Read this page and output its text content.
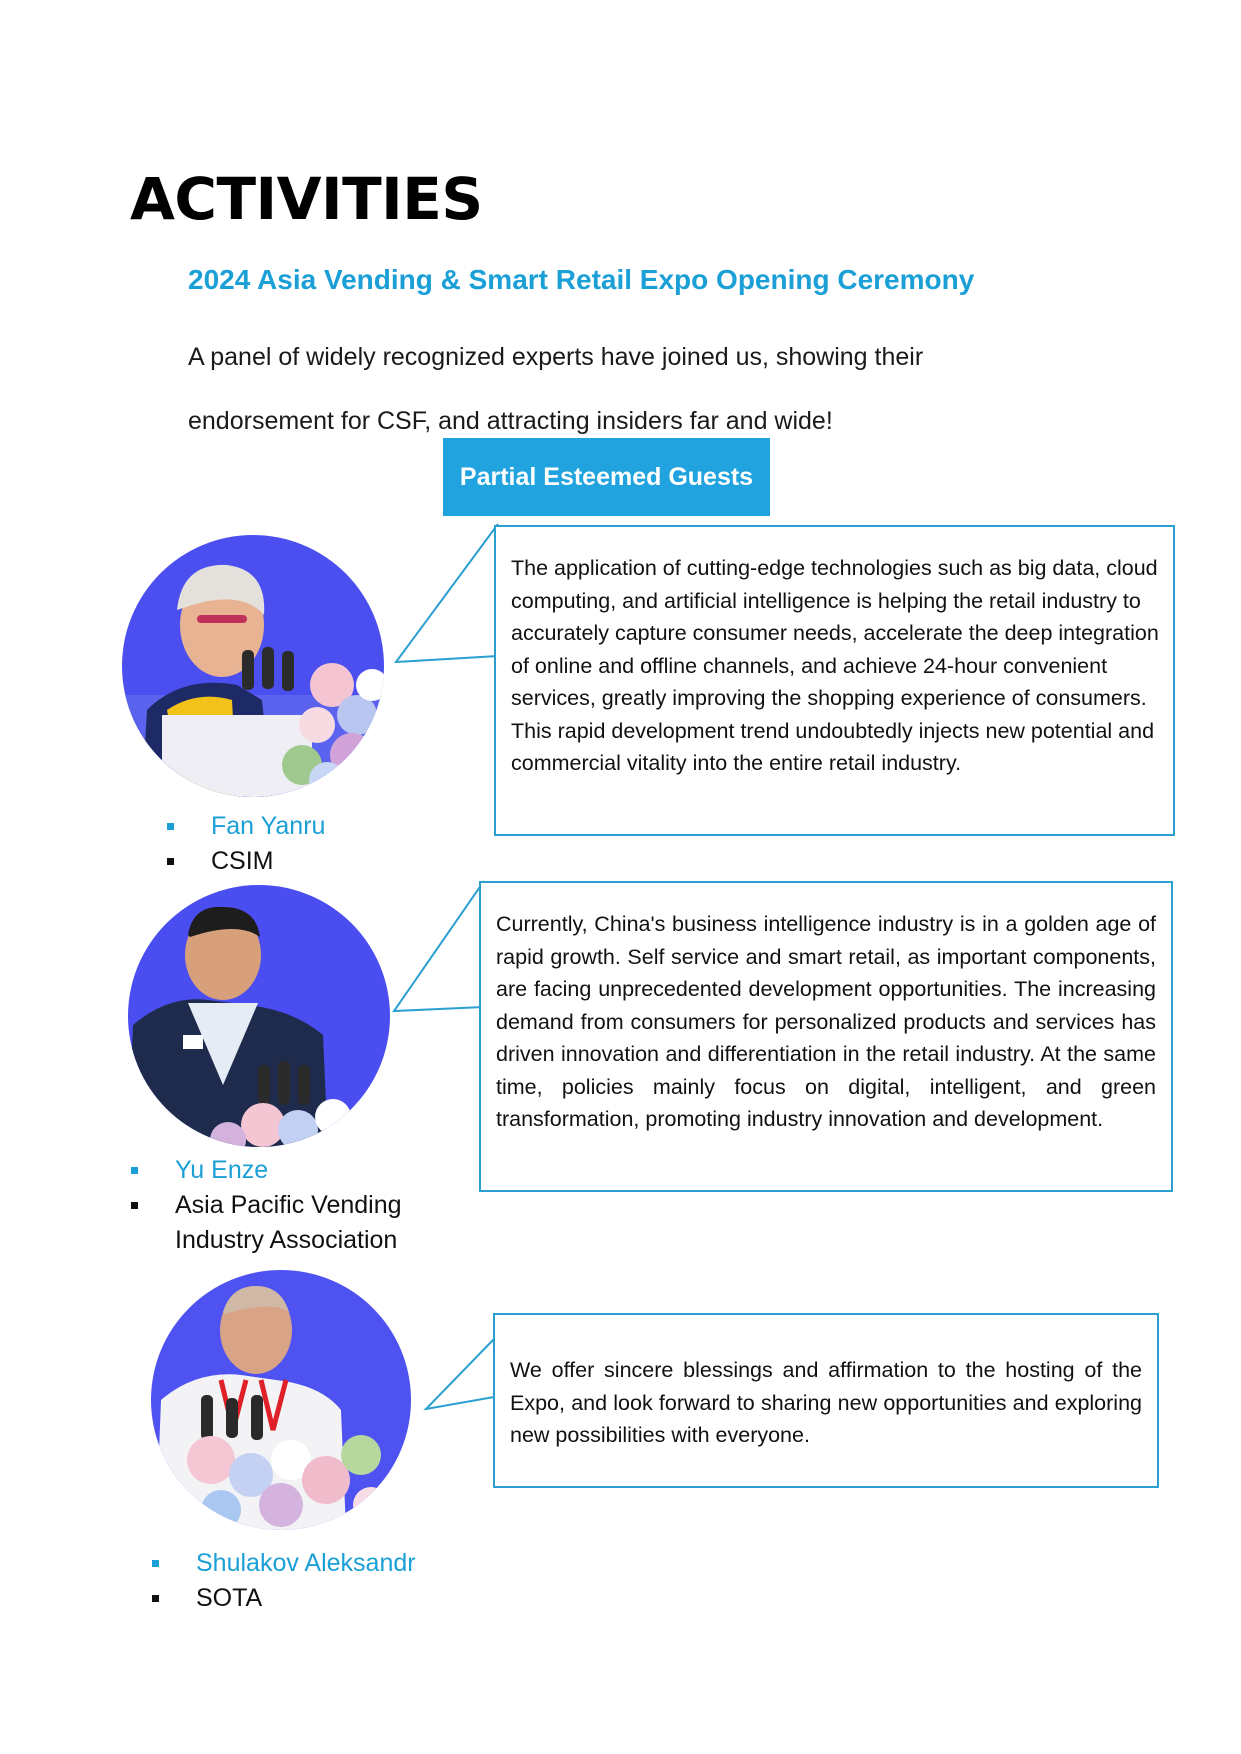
ACTIVITIES
2024 Asia Vending & Smart Retail Expo Opening Ceremony

A panel of widely recognized experts have joined us, showing their
endorsement for CSF, and attracting insiders far and wide!

Partial Esteemed Guests

The application of cutting-edge technologies such as big data, cloud computing, and artificial intelligence is helping the retail industry to accurately capture consumer needs, accelerate the deep integration of online and offline channels, and achieve 24-hour convenient services, greatly improving the shopping experience of consumers. This rapid development trend undoubtedly injects new potential and commercial vitality into the entire retail industry.

Fan Yanru
CSIM

Currently, China's business intelligence industry is in a golden age of rapid growth. Self service and smart retail, as important components, are facing unprecedented development opportunities. The increasing demand from consumers for personalized products and services has driven innovation and differentiation in the retail industry. At the same time, policies mainly focus on digital, intelligent, and green transformation, promoting industry innovation and development.

Yu Enze
Asia Pacific Vending
Industry Association

We offer sincere blessings and affirmation to the hosting of the Expo, and look forward to sharing new opportunities and exploring new possibilities with everyone.

Shulakov Aleksandr
SOTA
